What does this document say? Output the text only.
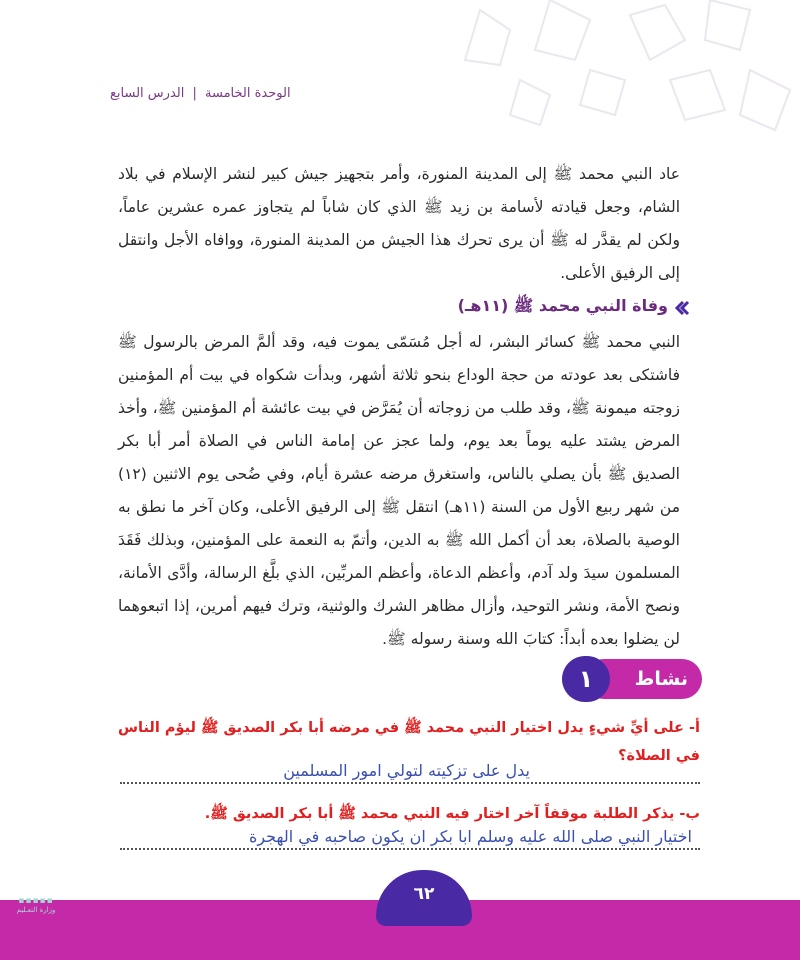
الوحدة الخامسة | الدرس السابع
عاد النبي محمد ﷺ إلى المدينة المنورة، وأمر بتجهيز جيش كبير لنشر الإسلام في بلاد الشام، وجعل قيادته لأسامة بن زيد ﷺ الذي كان شاباً لم يتجاوز عمره عشرين عاماً، ولكن لم يقدَّر له ﷺ أن يرى تحرك هذا الجيش من المدينة المنورة، ووافاه الأجل وانتقل إلى الرفيق الأعلى.
وفاة النبي محمد ﷺ (١١هـ)
النبي محمد ﷺ كسائر البشر، له أجل مُسَمّى يموت فيه، وقد ألمَّ المرض بالرسول ﷺ فاشتكى بعد عودته من حجة الوداع بنحو ثلاثة أشهر، وبدأت شكواه في بيت أم المؤمنين زوجته ميمونة ﷺ، وقد طلب من زوجاته أن يُمَرَّض في بيت عائشة أم المؤمنين ﷺ، وأخذ المرض يشتد عليه يوماً بعد يوم، ولما عجز عن إمامة الناس في الصلاة أمر أبا بكر الصديق ﷺ بأن يصلي بالناس، واستغرق مرضه عشرة أيام، وفي ضُحى يوم الاثنين (١٢) من شهر ربيع الأول من السنة (١١هـ) انتقل ﷺ إلى الرفيق الأعلى، وكان آخر ما نطق به الوصية بالصلاة، بعد أن أكمل الله ﷺ به الدين، وأتمّ به النعمة على المؤمنين، وبذلك فَقَدَ المسلمون سيدَ ولد آدم، وأعظم الدعاة، وأعظم المربِّين، الذي بلَّغ الرسالة، وأدَّى الأمانة، ونصح الأمة، ونشر التوحيد، وأزال مظاهر الشرك والوثنية، وترك فيهم أمرين، إذا اتبعوهما لن يضلوا بعده أبداً: كتابَ الله وسنة رسوله ﷺ.
نشاط
١
أ- على أيِّ شيءٍ يدل اختيار النبي محمد ﷺ في مرضه أبا بكر الصديق ﷺ ليؤم الناس في الصلاة؟
يدل على تزكيته لتولي امور المسلمين
ب- يذكر الطلبة موقفاً آخر اختار فيه النبي محمد ﷺ أبا بكر الصديق ﷺ.
اختيار النبي صلى الله عليه وسلم ابا بكر ان يكون صاحبه في الهجرة
٦٢
▪▪▪▪▪
وزارة التعـليم
